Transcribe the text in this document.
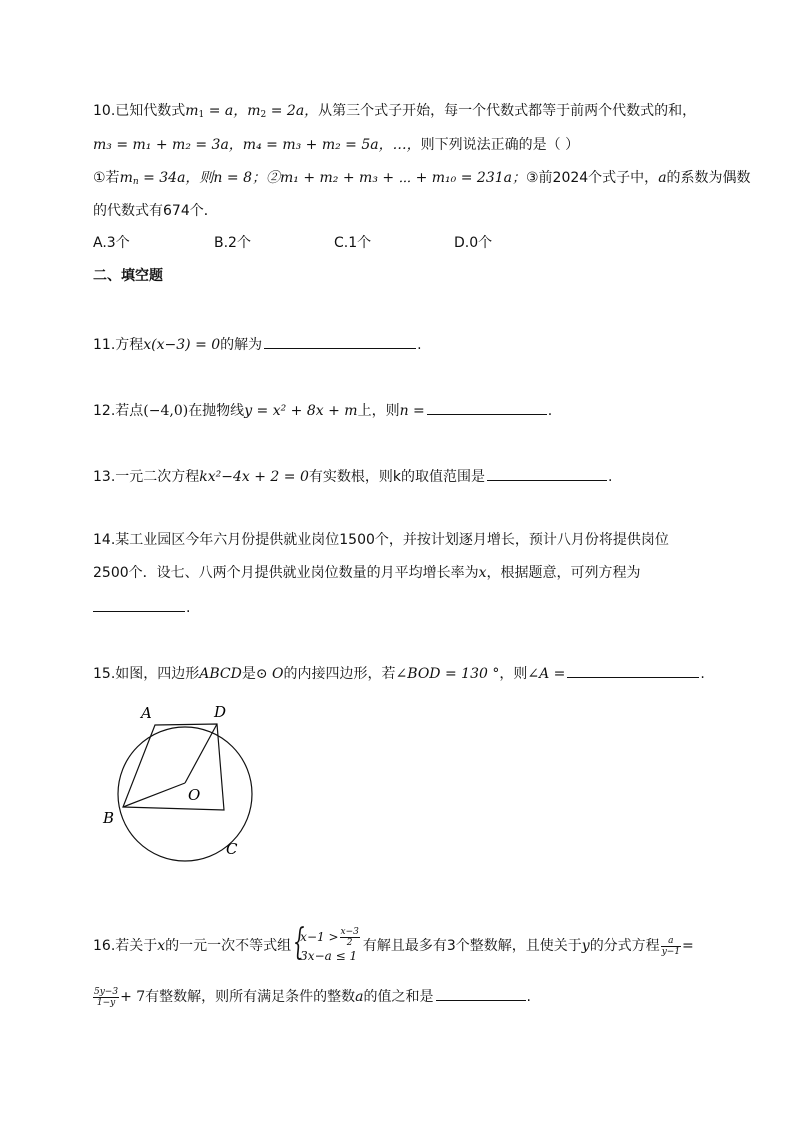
10.已知代数式$m_1 = a$，$m_2 = 2a$，从第三个式子开始，每一个代数式都等于前两个代数式的和，
m₃ = m₁ + m₂ = 3a，m₄ = m₃ + m₂ = 5a，…，则下列说法正确的是（ ）
①若$m_n = 34a$，则n = 8；②m₁ + m₂ + m₃ + ⋯ + m₁₀ = 231a；③前2024个式子中，a的系数为偶数
的代数式有674个．
A.3个	B.2个	C.1个	D.0个
二、填空题
11.方程x(x−3) = 0的解为	.
12.若点(−4,0)在抛物线y = x² + 8x + m上，则n =	.
13.一元二次方程kx²−4x + 2 = 0有实数根，则k的取值范围是	.
14.某工业园区今年六月份提供就业岗位1500个，并按计划逐月增长，预计八月份将提供岗位
2500个．设七、八两个月提供就业岗位数量的月平均增长率为x，根据题意，可列方程为
.
15.如图，四边形ABCD是⊙ O的内接四边形，若∠BOD = 130 °，则∠A =	.
A	D
O
B
C
16.若关于x的一元一次不等式组 {
$x-1 > \frac{x-3}{2}$
3x−a ≤ 1
有解且最多有3个整数解，且使关于y的分式方程 $\frac{a}{y-1}$ =
$\frac{5y-3}{1-y} + 7$有整数解，则所有满足条件的整数a的值之和是	.
